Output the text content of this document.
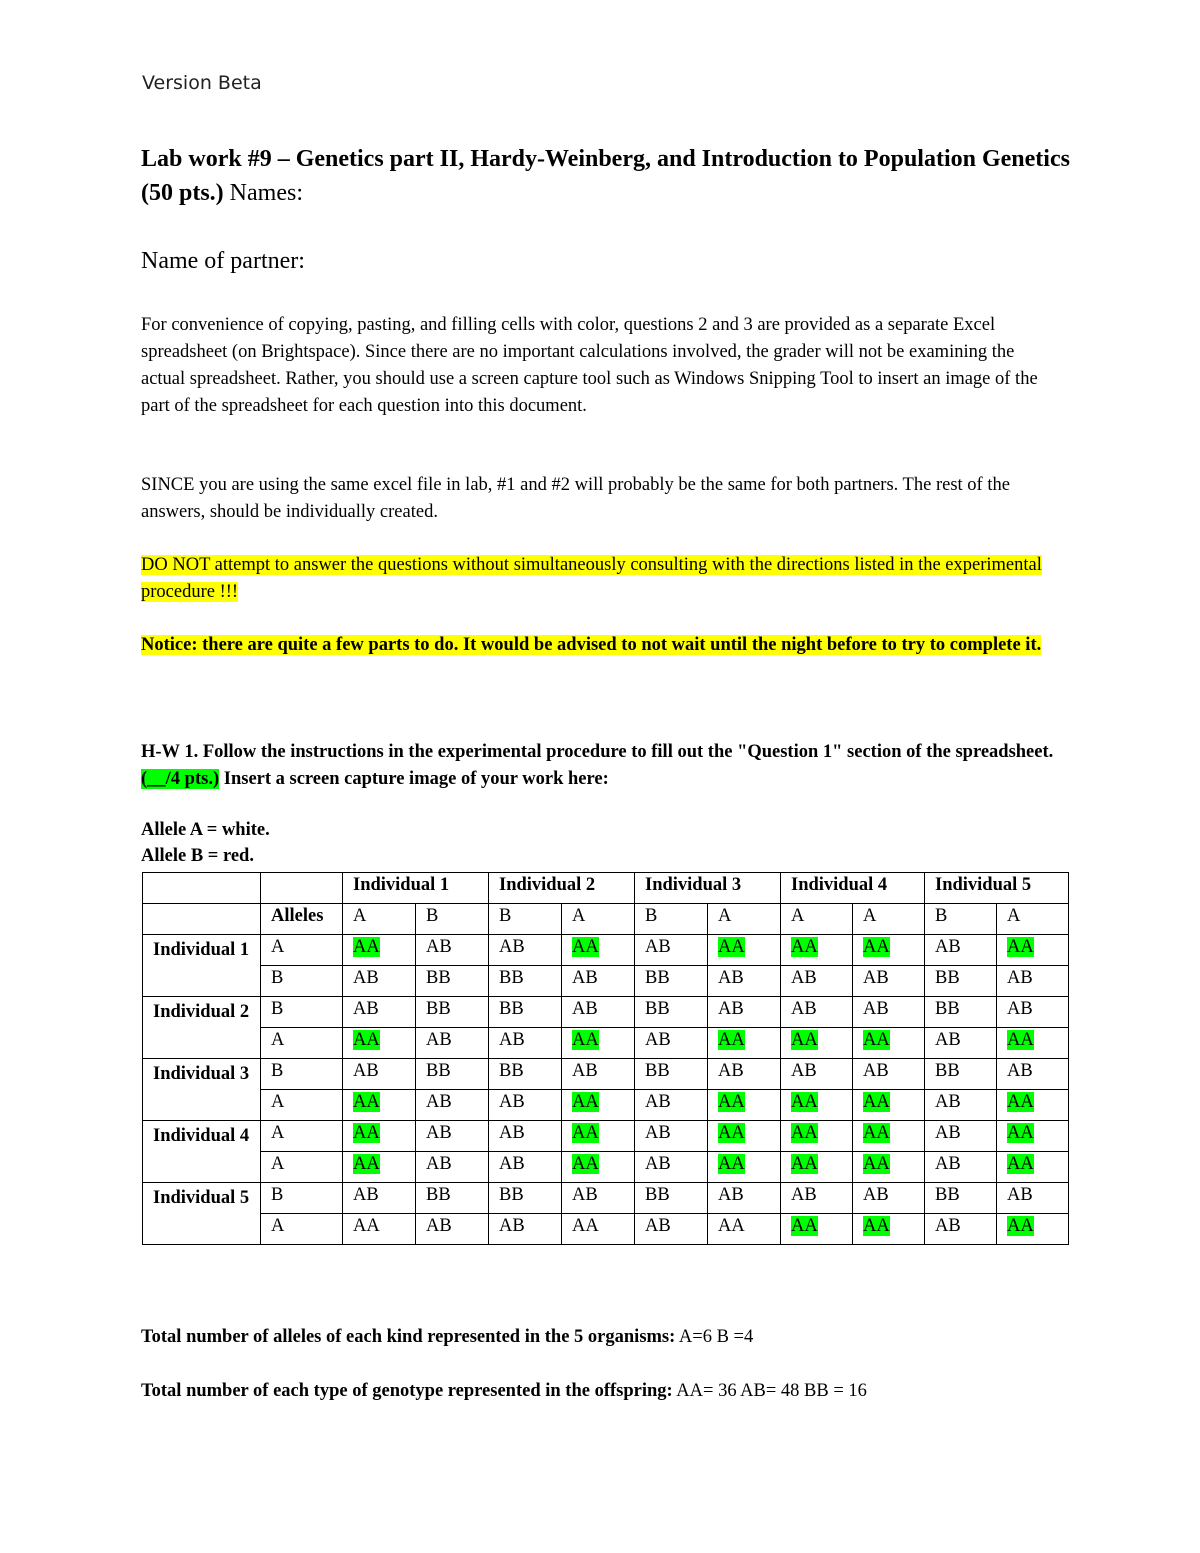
Version Beta
Lab work #9 – Genetics part II, Hardy-Weinberg, and Introduction to Population Genetics (50 pts.) Names:
Name of partner:
For convenience of copying, pasting, and filling cells with color, questions 2 and 3 are provided as a separate Excel spreadsheet (on Brightspace). Since there are no important calculations involved, the grader will not be examining the actual spreadsheet. Rather, you should use a screen capture tool such as Windows Snipping Tool to insert an image of the part of the spreadsheet for each question into this document.
SINCE you are using the same excel file in lab, #1 and #2 will probably be the same for both partners. The rest of the answers, should be individually created.
DO NOT attempt to answer the questions without simultaneously consulting with the directions listed in the experimental procedure !!!
Notice: there are quite a few parts to do. It would be advised to not wait until the night before to try to complete it.
H-W 1. Follow the instructions in the experimental procedure to fill out the "Question 1" section of the spreadsheet. (__/4 pts.) Insert a screen capture image of your work here:
Allele A = white.
Allele B = red.
		Individual 1		Individual 2		Individual 3		Individual 4		Individual 5	
	Alleles	A	B	B	A	B	A	A	A	B	A
Individual 1	A	AA	AB	AB	AA	AB	AA	AA	AA	AB	AA
	B	AB	BB	BB	AB	BB	AB	AB	AB	BB	AB
Individual 2	B	AB	BB	BB	AB	BB	AB	AB	AB	BB	AB
	A	AA	AB	AB	AA	AB	AA	AA	AA	AB	AA
Individual 3	B	AB	BB	BB	AB	BB	AB	AB	AB	BB	AB
	A	AA	AB	AB	AA	AB	AA	AA	AA	AB	AA
Individual 4	A	AA	AB	AB	AA	AB	AA	AA	AA	AB	AA
	A	AA	AB	AB	AA	AB	AA	AA	AA	AB	AA
Individual 5	B	AB	BB	BB	AB	BB	AB	AB	AB	BB	AB
	A	AA	AB	AB	AA	AB	AA	AA	AA	AB	AA
Total number of alleles of each kind represented in the 5 organisms: A=6 B =4
Total number of each type of genotype represented in the offspring: AA= 36 AB= 48 BB = 16
